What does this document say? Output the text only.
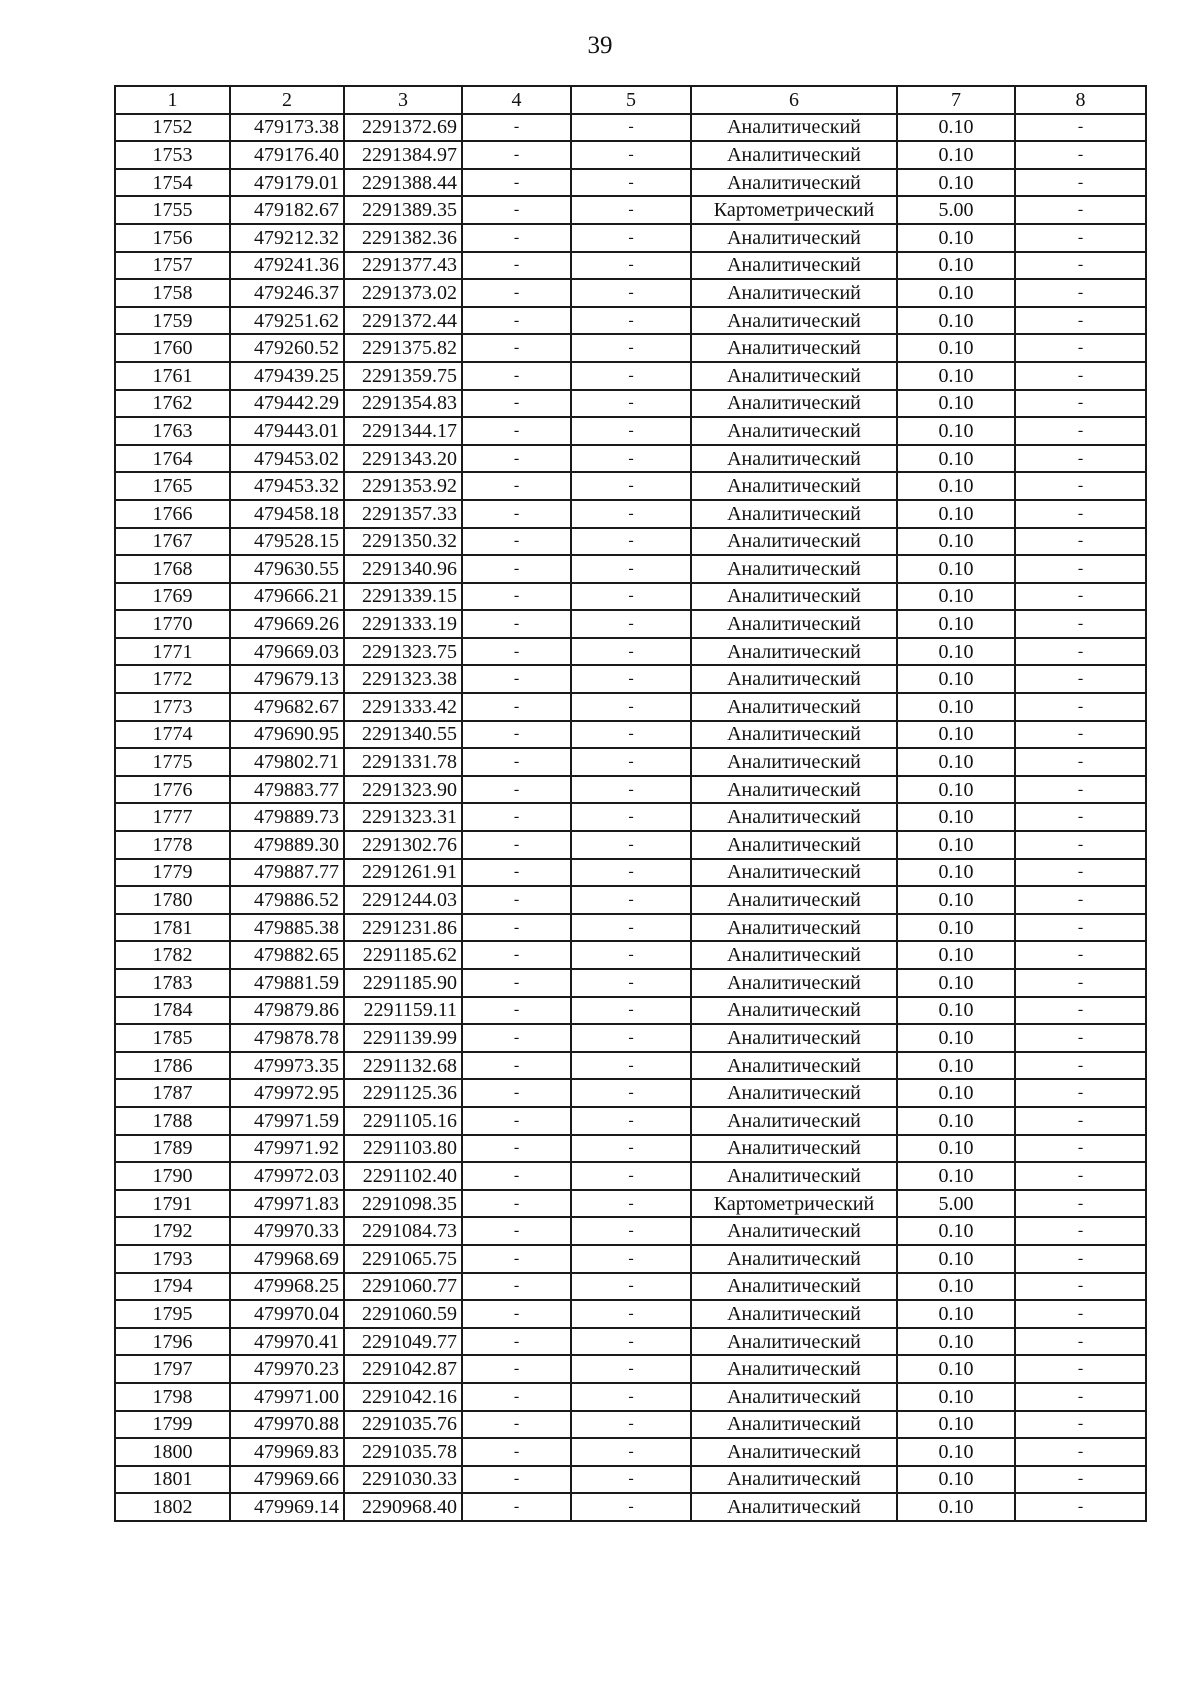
39
1	2	3	4	5	6	7	8
1752	479173.38	2291372.69	-	-	Аналитический	0.10	-
1753	479176.40	2291384.97	-	-	Аналитический	0.10	-
1754	479179.01	2291388.44	-	-	Аналитический	0.10	-
1755	479182.67	2291389.35	-	-	Картометрический	5.00	-
1756	479212.32	2291382.36	-	-	Аналитический	0.10	-
1757	479241.36	2291377.43	-	-	Аналитический	0.10	-
1758	479246.37	2291373.02	-	-	Аналитический	0.10	-
1759	479251.62	2291372.44	-	-	Аналитический	0.10	-
1760	479260.52	2291375.82	-	-	Аналитический	0.10	-
1761	479439.25	2291359.75	-	-	Аналитический	0.10	-
1762	479442.29	2291354.83	-	-	Аналитический	0.10	-
1763	479443.01	2291344.17	-	-	Аналитический	0.10	-
1764	479453.02	2291343.20	-	-	Аналитический	0.10	-
1765	479453.32	2291353.92	-	-	Аналитический	0.10	-
1766	479458.18	2291357.33	-	-	Аналитический	0.10	-
1767	479528.15	2291350.32	-	-	Аналитический	0.10	-
1768	479630.55	2291340.96	-	-	Аналитический	0.10	-
1769	479666.21	2291339.15	-	-	Аналитический	0.10	-
1770	479669.26	2291333.19	-	-	Аналитический	0.10	-
1771	479669.03	2291323.75	-	-	Аналитический	0.10	-
1772	479679.13	2291323.38	-	-	Аналитический	0.10	-
1773	479682.67	2291333.42	-	-	Аналитический	0.10	-
1774	479690.95	2291340.55	-	-	Аналитический	0.10	-
1775	479802.71	2291331.78	-	-	Аналитический	0.10	-
1776	479883.77	2291323.90	-	-	Аналитический	0.10	-
1777	479889.73	2291323.31	-	-	Аналитический	0.10	-
1778	479889.30	2291302.76	-	-	Аналитический	0.10	-
1779	479887.77	2291261.91	-	-	Аналитический	0.10	-
1780	479886.52	2291244.03	-	-	Аналитический	0.10	-
1781	479885.38	2291231.86	-	-	Аналитический	0.10	-
1782	479882.65	2291185.62	-	-	Аналитический	0.10	-
1783	479881.59	2291185.90	-	-	Аналитический	0.10	-
1784	479879.86	2291159.11	-	-	Аналитический	0.10	-
1785	479878.78	2291139.99	-	-	Аналитический	0.10	-
1786	479973.35	2291132.68	-	-	Аналитический	0.10	-
1787	479972.95	2291125.36	-	-	Аналитический	0.10	-
1788	479971.59	2291105.16	-	-	Аналитический	0.10	-
1789	479971.92	2291103.80	-	-	Аналитический	0.10	-
1790	479972.03	2291102.40	-	-	Аналитический	0.10	-
1791	479971.83	2291098.35	-	-	Картометрический	5.00	-
1792	479970.33	2291084.73	-	-	Аналитический	0.10	-
1793	479968.69	2291065.75	-	-	Аналитический	0.10	-
1794	479968.25	2291060.77	-	-	Аналитический	0.10	-
1795	479970.04	2291060.59	-	-	Аналитический	0.10	-
1796	479970.41	2291049.77	-	-	Аналитический	0.10	-
1797	479970.23	2291042.87	-	-	Аналитический	0.10	-
1798	479971.00	2291042.16	-	-	Аналитический	0.10	-
1799	479970.88	2291035.76	-	-	Аналитический	0.10	-
1800	479969.83	2291035.78	-	-	Аналитический	0.10	-
1801	479969.66	2291030.33	-	-	Аналитический	0.10	-
1802	479969.14	2290968.40	-	-	Аналитический	0.10	-
